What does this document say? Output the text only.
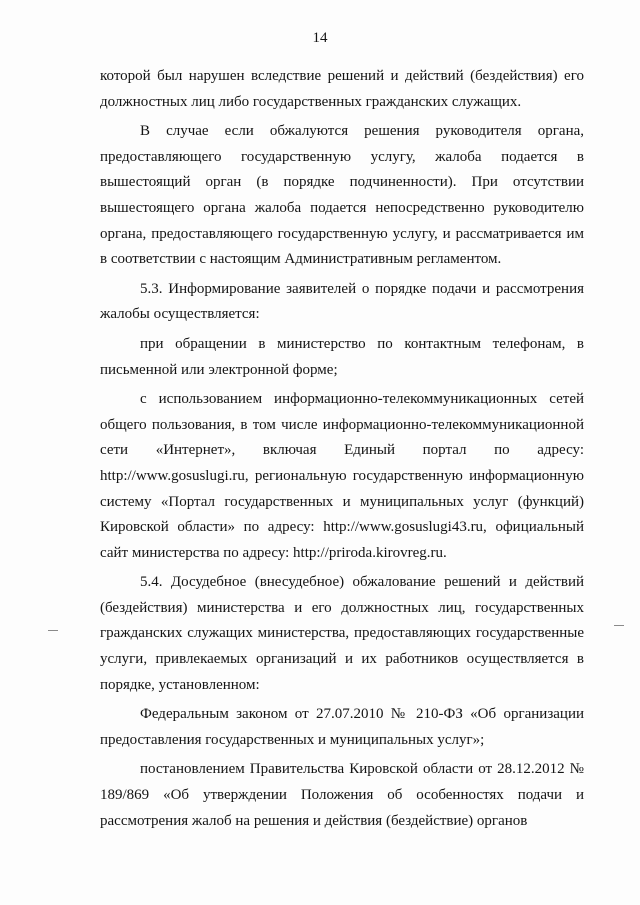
14

которой был нарушен вследствие решений и действий (бездействия) его должностных лиц либо государственных гражданских служащих.

В случае если обжалуются решения руководителя органа, предоставляющего государственную услугу, жалоба подается в вышестоящий орган (в порядке подчиненности). При отсутствии вышестоящего органа жалоба подается непосредственно руководителю органа, предоставляющего государственную услугу, и рассматривается им в соответствии с настоящим Административным регламентом.

5.3. Информирование заявителей о порядке подачи и рассмотрения жалобы осуществляется:

при обращении в министерство по контактным телефонам, в письменной или электронной форме;

с использованием информационно-телекоммуникационных сетей общего пользования, в том числе информационно-телекоммуникационной сети «Интернет», включая Единый портал по адресу: http://www.gosuslugi.ru, региональную государственную информационную систему «Портал государственных и муниципальных услуг (функций) Кировской области» по адресу: http://www.gosuslugi43.ru, официальный сайт министерства по адресу: http://priroda.kirovreg.ru.

5.4. Досудебное (внесудебное) обжалование решений и действий (бездействия) министерства и его должностных лиц, государственных гражданских служащих министерства, предоставляющих государственные услуги, привлекаемых организаций и их работников осуществляется в порядке, установленном:

Федеральным законом от 27.07.2010 № 210-ФЗ «Об организации предоставления государственных и муниципальных услуг»;

постановлением Правительства Кировской области от 28.12.2012 № 189/869 «Об утверждении Положения об особенностях подачи и рассмотрения жалоб на решения и действия (бездействие) органов
